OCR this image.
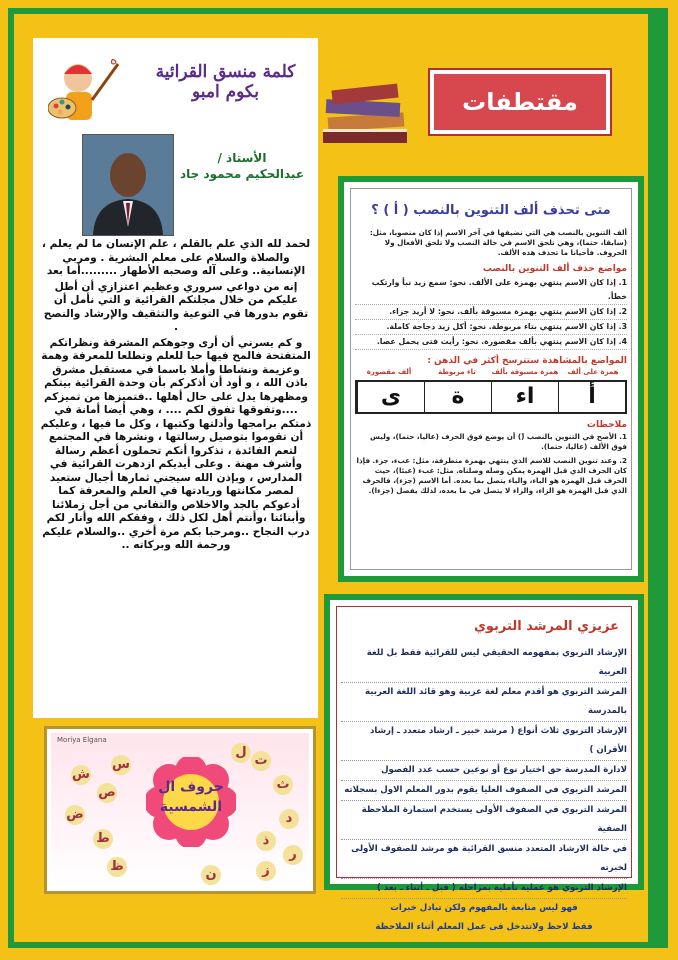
ه
كلمة منسق القرائية بكوم امبو
الأستاذ /
عبدالحكيم محمود جاد

لحمد لله الذي علم بالقلم ، علم الإنسان ما لم يعلم ، والصلاة والسلام على معلم البشرية . ومربي الإنسانية.. وعلى آله وصحبه الأطهار .........أما بعد

إنه من دواعي سروري وعظيم اعتزازي أن أطل عليكم من خلال مجلتكم القرائية و التي نأمل أن تقوم بدورها في التوعية والتثقيف والإرشاد والنصح .

و كم يسرني أن أرى وجوهكم المشرقة ونظراتكم المتفتحة فالمح فيها حبا للعلم وتطلعا للمعرفة وهمة وعزيمة ونشاطا وأملا باسما في مستقبل مشرق باذن الله ، و أود أن أذكركم بأن وحدة القرائية بيتكم ومظهرها يدل على حال أهلها ..فتميزها من تميزكم ....وتفوقها تفوق لكم .... ، وهي أيضا أمانة في ذمتكم برامجها وأدلتها وكتبها ، وكل ما فيها ، وعليكم أن تقوموا بتوصيل رسالتها ، ونشرها في المجتمع لتعم الفائدة ، تذكروا أنكم تحملون أعظم رسالة وأشرف مهنة . وعلى أيديكم ازدهرت القرائية في المدارس ، وبإذن الله سيجني ثمارها أجيال ستعيد لمصر مكانتها وريادتها في العلم والمعرفة كما أدعوكم بالجد والاخلاص والتفاني من أجل زملائنا وأبنائنا ،وأنتم أهل لكل ذلك ، وفقكم الله وأنار لكم درب النجاح ..ومرحبا بكم مرة أخري ..والسلام عليكم ورحمة الله وبركاته ..

Moriya Elgana
حروف ال الشمسية
ت
ث
د
ذ
ر
ز
س
ش
ص
ض
ط
ظ
ل
ن
مقتطفات
متى تحذف ألف التنوين بالنصب ( أ ) ؟

ألف التنوين بالنصب هي التي نضيفها في آخر الاسم إذا كان منصوبا، مثل: (سابقا، حتما)، وهي تلحق الاسم في حالة النصب ولا تلحق الأفعال ولا الحروف. فأحيانا ما تحذف هذه الألف.

مواضع حذف ألف التنوين بالنصب

1. إذا كان الاسم ينتهي بهمزة على الألف. نحو: سمع زيد نبأ وارتكب خطأ.

2. إذا كان الاسم ينتهي بهمزة مسبوقة بألف. نحو: لا أريد جزاء.

3. إذا كان الاسم ينتهي بتاء مربوطة. نحو: أكل زيد دجاجة كاملة.

4. إذا كان الاسم ينتهي بألف مقصورة. نحو: رأيت فتى يحمل عصا.

المواضع بالمشاهدة ستترسخ أكثر في الذهن :

همزة على ألف
همزة مسبوقة بألف
تاء مربوطة
ألف مقصورة
أ
اء
ة
ى

ملاحظات

1. الأصح في التنوين بالنصب (ً) أن يوضع فوق الحرف (عاليا، حتما)، وليس فوق الألف (عاليا، حتما).

2. وعند تنوين النصب للاسم الذي ينتهي بهمزة متطرفة، مثل: عبء، جزء. فإذا كان الحرف الذي قبل الهمزة يمكن وصله وصلناه. مثل: عبء (عبئا)، حيث الحرف قبل الهمزة هو الباء، والباء يتصل بما بعده. أما الاسم (جزء)، فالحرف الذي قبل الهمزة هو الزاء، والزاء لا يتصل في ما بعده، لذلك يفصل (جزءا).

عزيزي المرشد التربوي

الإرشاد التربوي بمفهومه الحقيقي ليس للقرائية فقط بل للغة العربية

المرشد التربوي هو أقدم معلم لغة عربية وهو قائد اللغة العربية بالمدرسة

الإرشاد التربوي ثلاث أنواع ( مرشد خبير ـ ارشاد متعدد ـ إرشاد الأقران )

لادارة المدرسة حق اختيار نوع أو نوعين حسب عدد الفصول

المرشد التربوي في الصفوف العليا يقوم بدور المعلم الاول بسجلاته

المرشد التربوي في الصفوف الأولى يستخدم استمارة الملاحظة الصفية

في حالة الارشاد المتعدد منسق القرائية هو مرشد للصفوف الأولى لخبرته

الإرشاد التربوي هو عملية تأملية بمراحله ( قبل ـ أثناء ـ بعد )

فهو ليس متابعة بالمفهوم ولكن تبادل خبرات

فقط لاحظ ولاتتدخل فى عمل المعلم أثناء الملاحظة
